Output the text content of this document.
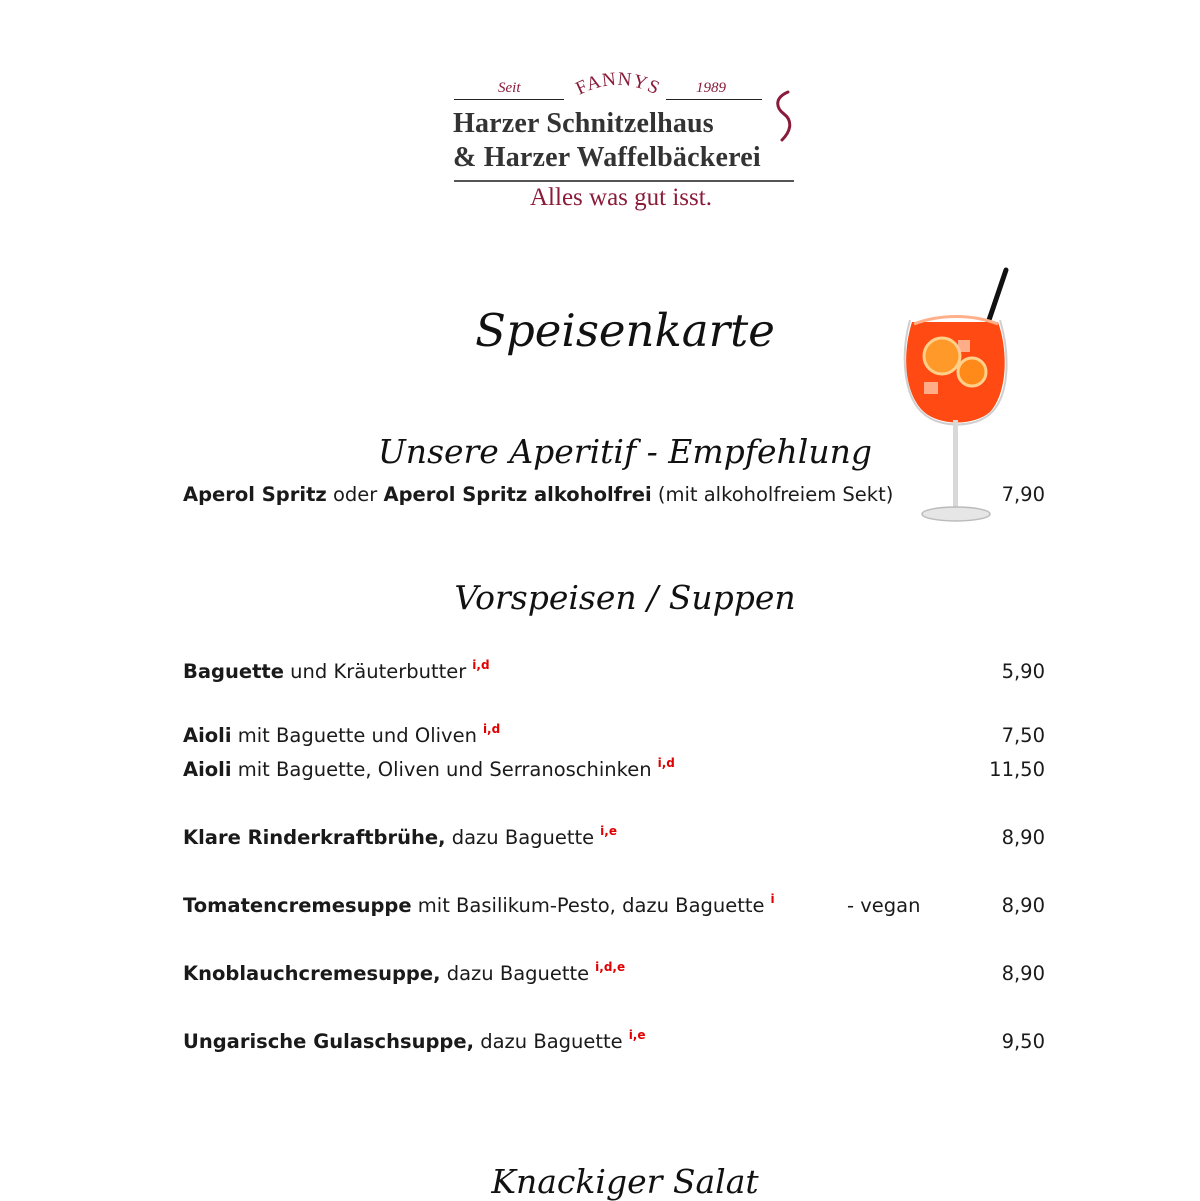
Seit	FANNYS 1989
Harzer Schnitzelhaus
& Harzer Waffelbäckerei
Alles was gut isst.
Speisenkarte
Unsere Aperitif - Empfehlung
Aperol Spritz oder Aperol Spritz alkoholfrei (mit alkoholfreiem Sekt)	7,90
Vorspeisen / Suppen
Baguette und Kräuterbutter $^{i,d}$	5,90
Aioli mit Baguette und Oliven $^{i,d}$	7,50
Aioli mit Baguette, Oliven und Serranoschinken $^{i,d}$	11,50
Klare Rinderkraftbrühe, dazu Baguette $^{i,e}$	8,90
Tomatencremesuppe mit Basilikum-Pesto, dazu Baguette $^i$	- vegan	8,90
Knoblauchcremesuppe, dazu Baguette $^{i,d,e}$	8,90
Ungarische Gulaschsuppe, dazu Baguette $^{i,e}$	9,50
Knackiger Salat
